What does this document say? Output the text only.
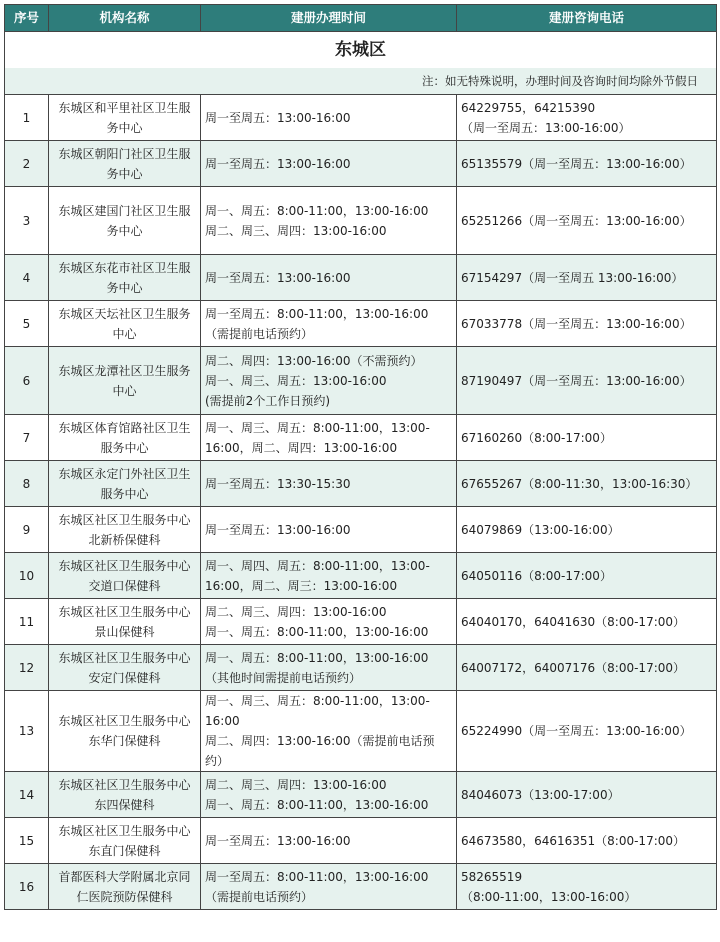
东城区			
注：如无特殊说明，办理时间及咨询时间均除外节假日			
序号	机构名称	建册办理时间	建册咨询电话
1	东城区和平里社区卫生服务中心	周一至周五：13:00-16:00	64229755，64215390
（周一至周五：13:00-16:00）

2	东城区朝阳门社区卫生服务中心	周一至周五：13:00-16:00	65135579（周一至周五：13:00-16:00）

3	东城区建国门社区卫生服务中心	周一、周五：8:00-11:00，13:00-16:00
周二、周三、周四：13:00-16:00	65251266（周一至周五：13:00-16:00）

4	东城区东花市社区卫生服务中心	周一至周五：13:00-16:00	67154297（周一至周五 13:00-16:00）

5	东城区天坛社区卫生服务中心	周一至周五：8:00-11:00，13:00-16:00
（需提前电话预约）	67033778（周一至周五：13:00-16:00）

6	东城区龙潭社区卫生服务中心	周二、周四：13:00-16:00（不需预约）
周一、周三、周五：13:00-16:00
(需提前2个工作日预约)	87190497（周一至周五：13:00-16:00）

7	东城区体育馆路社区卫生服务中心	周一、周三、周五：8:00-11:00，13:00-
16:00，周二、周四：13:00-16:00	67160260（8:00-17:00）

8	东城区永定门外社区卫生服务中心	周一至周五：13:30-15:30	67655267（8:00-11:30，13:00-16:30）

9	东城区社区卫生服务中心北新桥保健科	周一至周五：13:00-16:00	64079869（13:00-16:00）

10	东城区社区卫生服务中心交道口保健科	周一、周四、周五：8:00-11:00，13:00-
16:00，周二、周三：13:00-16:00	64050116（8:00-17:00）

11	东城区社区卫生服务中心景山保健科	周二、周三、周四：13:00-16:00
周一、周五：8:00-11:00，13:00-16:00	64040170，64041630（8:00-17:00）

12	东城区社区卫生服务中心安定门保健科	周一、周五：8:00-11:00，13:00-16:00
（其他时间需提前电话预约）	64007172，64007176（8:00-17:00）

13	东城区社区卫生服务中心东华门保健科	周一、周三、周五：8:00-11:00，13:00-
16:00
周二、周四：13:00-16:00（需提前电话预约）	65224990（周一至周五：13:00-16:00）

14	东城区社区卫生服务中心东四保健科	周二、周三、周四：13:00-16:00
周一、周五：8:00-11:00，13:00-16:00	84046073（13:00-17:00）

15	东城区社区卫生服务中心东直门保健科	周一至周五：13:00-16:00	64673580，64616351（8:00-17:00）

16	首都医科大学附属北京同仁医院预防保健科	周一至周五：8:00-11:00，13:00-16:00
（需提前电话预约）	58265519
（8:00-11:00，13:00-16:00）
